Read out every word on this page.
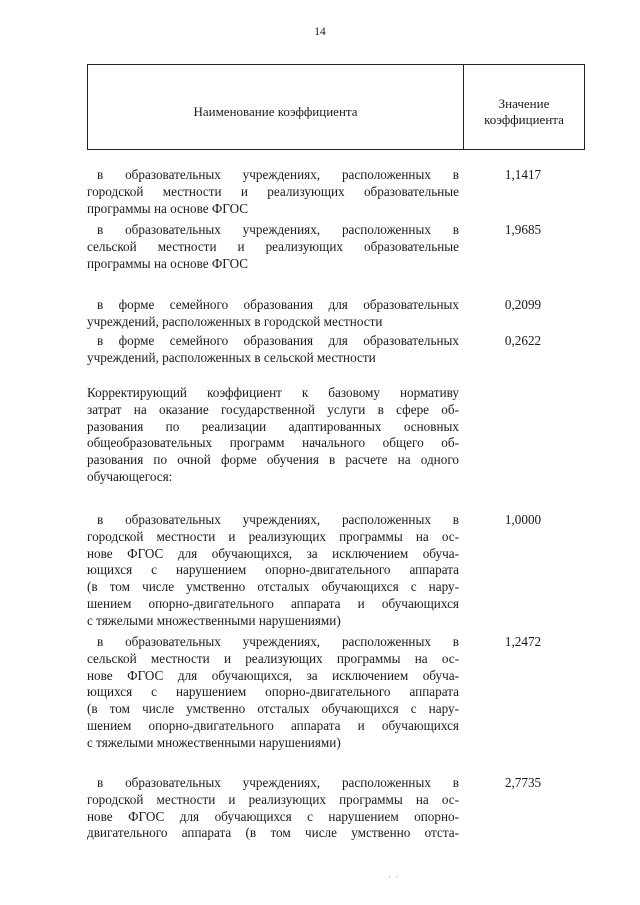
14
Наименование коэффициента
Значение
коэффициента
в образовательных учреждениях, расположенных в
городской местности и реализующих образовательные
программы на основе ФГОС
1,1417
в образовательных учреждениях, расположенных в
сельской местности и реализующих образовательные
программы на основе ФГОС
1,9685
в форме семейного образования для образовательных
учреждений, расположенных в городской местности
0,2099
в форме семейного образования для образовательных
учреждений, расположенных в сельской местности
0,2622
Корректирующий коэффициент к базовому нормативу
затрат на оказание государственной услуги в сфере об-
разования по реализации адаптированных основных
общеобразовательных программ начального общего об-
разования по очной форме обучения в расчете на одного
обучающегося:
в образовательных учреждениях, расположенных в
городской местности и реализующих программы на ос-
нове ФГОС для обучающихся, за исключением обуча-
ющихся с нарушением опорно-двигательного аппарата
(в том числе умственно отсталых обучающихся с нару-
шением опорно-двигательного аппарата и обучающихся
с тяжелыми множественными нарушениями)
1,0000
в образовательных учреждениях, расположенных в
сельской местности и реализующих программы на ос-
нове ФГОС для обучающихся, за исключением обуча-
ющихся с нарушением опорно-двигательного аппарата
(в том числе умственно отсталых обучающихся с нару-
шением опорно-двигательного аппарата и обучающихся
с тяжелыми множественными нарушениями)
1,2472
в образовательных учреждениях, расположенных в
городской местности и реализующих программы на ос-
нове ФГОС для обучающихся с нарушением опорно-
двигательного аппарата (в том числе умственно отста-
2,7735
·  ·
